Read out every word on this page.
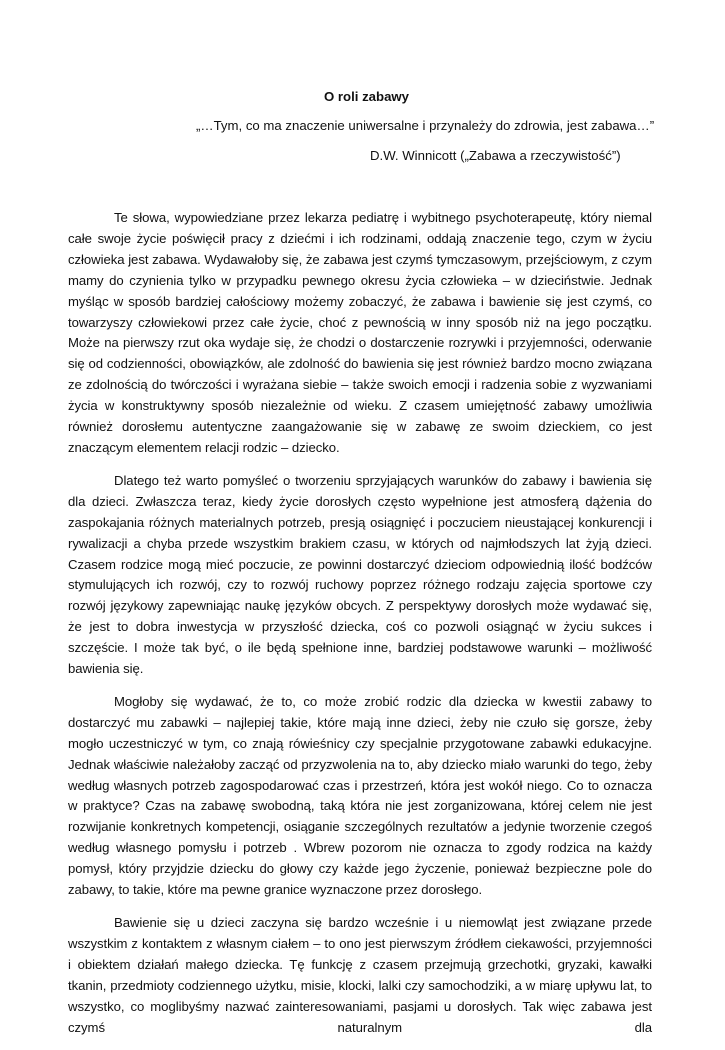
O roli zabawy
„…Tym, co ma znaczenie uniwersalne i przynależy do zdrowia, jest zabawa…”
D.W. Winnicott („Zabawa a rzeczywistość”)

Te słowa, wypowiedziane przez lekarza pediatrę i wybitnego psychoterapeutę, który niemal całe swoje życie poświęcił pracy z dziećmi i ich rodzinami, oddają znaczenie tego, czym w życiu człowieka jest zabawa. Wydawałoby się, że zabawa jest czymś tymczasowym, przejściowym, z czym mamy do czynienia tylko w przypadku pewnego okresu życia człowieka – w dzieciństwie. Jednak myśląc w sposób bardziej całościowy możemy zobaczyć, że zabawa i bawienie się jest czymś, co towarzyszy człowiekowi przez całe życie, choć z pewnością w inny sposób niż na jego początku. Może na pierwszy rzut oka wydaje się, że chodzi o dostarczenie rozrywki i przyjemności, oderwanie się od codzienności, obowiązków, ale zdolność do bawienia się jest również bardzo mocno związana ze zdolnością do twórczości i wyrażana siebie – także swoich emocji i radzenia sobie z wyzwaniami życia w konstruktywny sposób niezależnie od wieku. Z czasem umiejętność zabawy umożliwia również dorosłemu autentyczne zaangażowanie się w zabawę ze swoim dzieckiem, co jest znaczącym elementem relacji rodzic – dziecko.

Dlatego też warto pomyśleć o tworzeniu sprzyjających warunków do zabawy i bawienia się dla dzieci. Zwłaszcza teraz, kiedy życie dorosłych często wypełnione jest atmosferą dążenia do zaspokajania różnych materialnych potrzeb, presją osiągnięć i poczuciem nieustającej konkurencji i rywalizacji a chyba przede wszystkim brakiem czasu, w których od najmłodszych lat żyją dzieci. Czasem rodzice mogą mieć poczucie, ze powinni dostarczyć dzieciom odpowiednią ilość bodźców stymulujących ich rozwój, czy to rozwój ruchowy poprzez różnego rodzaju zajęcia sportowe czy rozwój językowy zapewniając naukę języków obcych. Z perspektywy dorosłych może wydawać się, że jest to dobra inwestycja w przyszłość dziecka, coś co pozwoli osiągnąć w życiu sukces i szczęście. I może tak być, o ile będą spełnione inne, bardziej podstawowe warunki – możliwość bawienia się.

Mogłoby się wydawać, że to, co może zrobić rodzic dla dziecka w kwestii zabawy to dostarczyć mu zabawki – najlepiej takie, które mają inne dzieci, żeby nie czuło się gorsze, żeby mogło uczestniczyć w tym, co znają rówieśnicy czy specjalnie przygotowane zabawki edukacyjne. Jednak właściwie należałoby zacząć od przyzwolenia na to, aby dziecko miało warunki do tego, żeby według własnych potrzeb zagospodarować czas i przestrzeń, która jest wokół niego. Co to oznacza w praktyce? Czas na zabawę swobodną, taką która nie jest zorganizowana, której celem nie jest rozwijanie konkretnych kompetencji, osiąganie szczególnych rezultatów a jedynie tworzenie czegoś według własnego pomysłu i potrzeb . Wbrew pozorom nie oznacza to zgody rodzica na każdy pomysł, który przyjdzie dziecku do głowy czy każde jego życzenie, ponieważ bezpieczne pole do zabawy, to takie, które ma pewne granice wyznaczone przez dorosłego.

Bawienie się u dzieci zaczyna się bardzo wcześnie i u niemowląt jest związane przede wszystkim z kontaktem z własnym ciałem – to ono jest pierwszym źródłem ciekawości, przyjemności i obiektem działań małego dziecka. Tę funkcję z czasem przejmują grzechotki, gryzaki, kawałki tkanin, przedmioty codziennego użytku, misie, klocki, lalki czy samochodziki, a w miarę upływu lat, to wszystko, co moglibyśmy nazwać zainteresowaniami, pasjami u dorosłych. Tak więc zabawa jest czymś naturalnym dla
